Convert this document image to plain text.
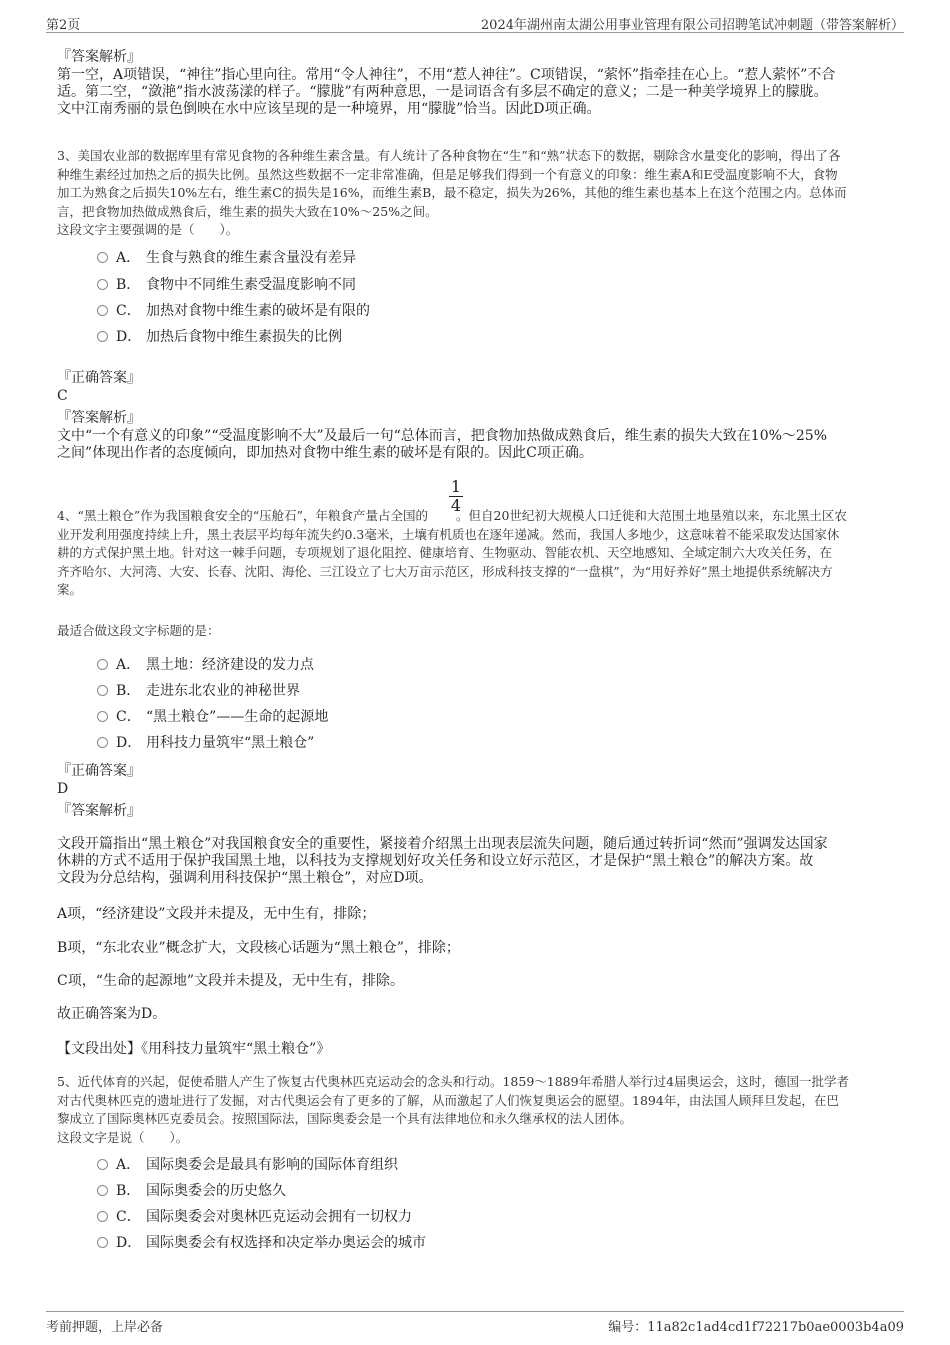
第2页	2024年湖州南太湖公用事业管理有限公司招聘笔试冲刺题（带答案解析）
『答案解析』

第一空，A项错误，“神往”指心里向往。常用“令人神往”，不用“惹人神往”。C项错误，“萦怀”指牵挂在心上。“惹人萦怀”不合

适。第二空，“潋滟”指水波荡漾的样子。“朦胧”有两种意思，一是词语含有多层不确定的意义；二是一种美学境界上的朦胧。

文中江南秀丽的景色倒映在水中应该呈现的是一种境界，用“朦胧”恰当。因此D项正确。

3、美国农业部的数据库里有常见食物的各种维生素含量。有人统计了各种食物在“生”和“熟”状态下的数据，剔除含水量变化的影响，得出了各

种维生素经过加热之后的损失比例。虽然这些数据不一定非常准确，但是足够我们得到一个有意义的印象：维生素A和E受温度影响不大，食物

加工为熟食之后损失10%左右，维生素C的损失是16%，而维生素B，最不稳定，损失为26%，其他的维生素也基本上在这个范围之内。总体而

言，把食物加热做成熟食后，维生素的损失大致在10%～25%之间。

这段文字主要强调的是（　　）。

A． 生食与熟食的维生素含量没有差异
B． 食物中不同维生素受温度影响不同
C． 加热对食物中维生素的破坏是有限的
D． 加热后食物中维生素损失的比例
『正确答案』
C
『答案解析』

文中“一个有意义的印象”“受温度影响不大”及最后一句“总体而言，把食物加热做成熟食后，维生素的损失大致在10%～25%

之间”体现出作者的态度倾向，即加热对食物中维生素的破坏是有限的。因此C项正确。

$\frac{1}{4}$

4、“黑土粮仓”作为我国粮食安全的“压舱石”，年粮食产量占全国的 。但自20世纪初大规模人口迁徙和大范围土地垦殖以来，东北黑土区农

业开发利用强度持续上升，黑土表层平均每年流失约0.3毫米，土壤有机质也在逐年递减。然而，我国人多地少，这意味着不能采取发达国家休

耕的方式保护黑土地。针对这一棘手问题，专项规划了退化阻控、健康培育、生物驱动、智能农机、天空地感知、全域定制六大攻关任务，在

齐齐哈尔、大河湾、大安、长春、沈阳、海伦、三江设立了七大万亩示范区，形成科技支撑的“一盘棋”，为“用好养好”黑土地提供系统解决方

案。

最适合做这段文字标题的是：
A． 黑土地：经济建设的发力点
B． 走进东北农业的神秘世界
C． “黑土粮仓”——生命的起源地
D． 用科技力量筑牢“黑土粮仓”
『正确答案』
D
『答案解析』

文段开篇指出“黑土粮仓”对我国粮食安全的重要性，紧接着介绍黑土出现表层流失问题，随后通过转折词“然而”强调发达国家

休耕的方式不适用于保护我国黑土地，以科技为支撑规划好攻关任务和设立好示范区，才是保护“黑土粮仓”的解决方案。故

文段为分总结构，强调利用科技保护“黑土粮仓”，对应D项。

A项，“经济建设”文段并未提及，无中生有，排除；
B项，“东北农业”概念扩大，文段核心话题为“黑土粮仓”，排除；
C项，“生命的起源地”文段并未提及，无中生有，排除。
故正确答案为D。
【文段出处】《用科技力量筑牢“黑土粮仓”》

5、近代体育的兴起，促使希腊人产生了恢复古代奥林匹克运动会的念头和行动。1859～1889年希腊人举行过4届奥运会，这时，德国一批学者

对古代奥林匹克的遗址进行了发掘，对古代奥运会有了更多的了解，从而激起了人们恢复奥运会的愿望。1894年，由法国人顾拜旦发起，在巴

黎成立了国际奥林匹克委员会。按照国际法，国际奥委会是一个具有法律地位和永久继承权的法人团体。

这段文字是说（　　）。

A． 国际奥委会是最具有影响的国际体育组织
B． 国际奥委会的历史悠久
C． 国际奥委会对奥林匹克运动会拥有一切权力
D． 国际奥委会有权选择和决定举办奥运会的城市
考前押题，上岸必备	编号：11a82c1ad4cd1f72217b0ae0003b4a09
